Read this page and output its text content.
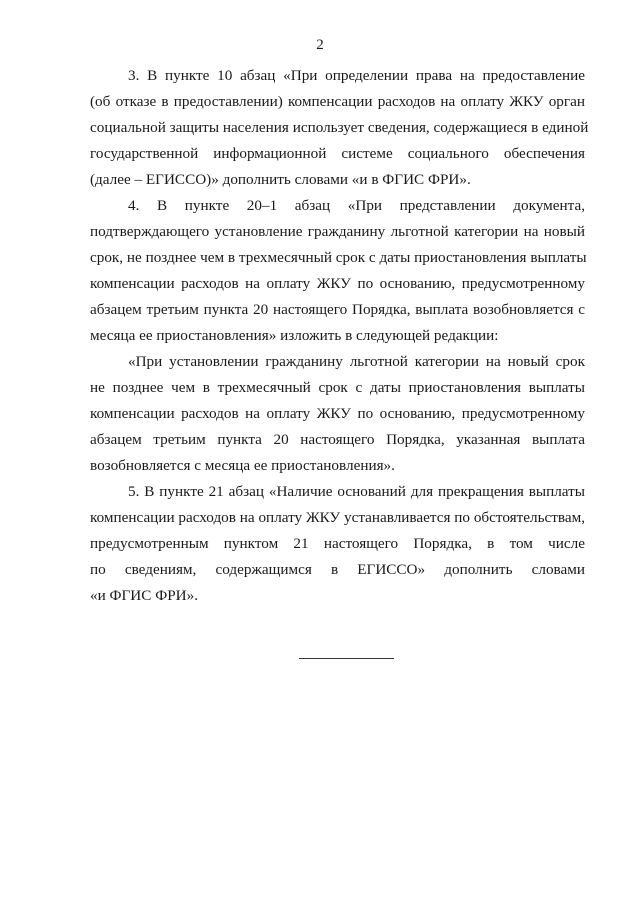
2
3. В пункте 10 абзац «При определении права на предоставление
(об отказе в предоставлении) компенсации расходов на оплату ЖКУ орган
социальной защиты населения использует сведения, содержащиеся в единой
государственной информационной системе социального обеспечения
(далее – ЕГИССО)» дополнить словами «и в ФГИС ФРИ».
4. В пункте 20–1 абзац «При представлении документа,
подтверждающего установление гражданину льготной категории на новый
срок, не позднее чем в трехмесячный срок с даты приостановления выплаты
компенсации расходов на оплату ЖКУ по основанию, предусмотренному
абзацем третьим пункта 20 настоящего Порядка, выплата возобновляется с
месяца ее приостановления» изложить в следующей редакции:
«При установлении гражданину льготной категории на новый срок
не позднее чем в трехмесячный срок с даты приостановления выплаты
компенсации расходов на оплату ЖКУ по основанию, предусмотренному
абзацем третьим пункта 20 настоящего Порядка, указанная выплата
возобновляется с месяца ее приостановления».
5. В пункте 21 абзац «Наличие оснований для прекращения выплаты
компенсации расходов на оплату ЖКУ устанавливается по обстоятельствам,
предусмотренным пунктом 21 настоящего Порядка, в том числе
по сведениям, содержащимся в ЕГИССО» дополнить словами
«и ФГИС ФРИ».
